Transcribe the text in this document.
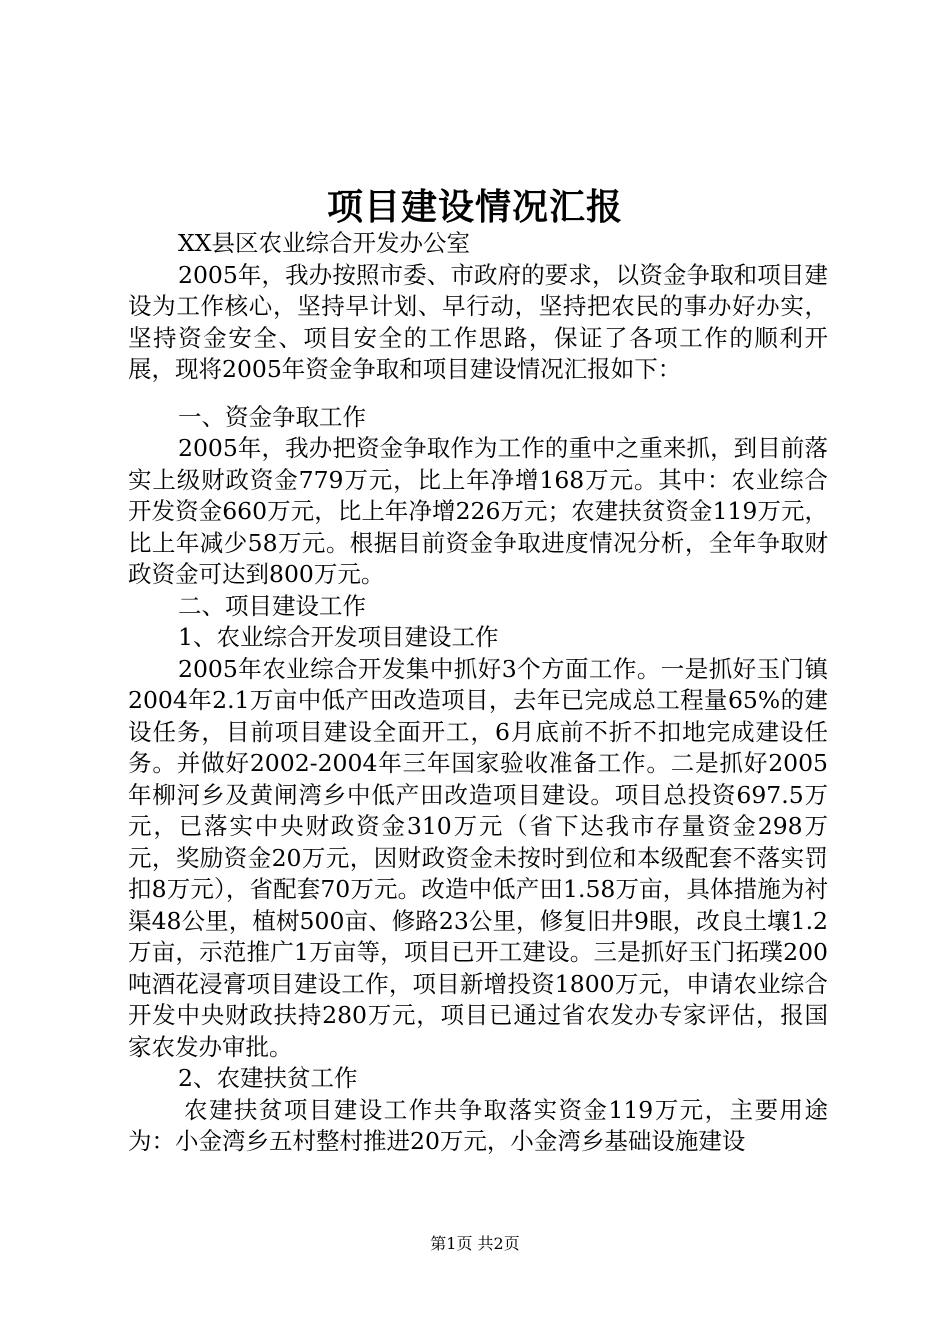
项目建设情况汇报

XX县区农业综合开发办公室

2005年，我办按照市委、市政府的要求，以资金争取和项目建设为工作核心，坚持早计划、早行动，坚持把农民的事办好办实，坚持资金安全、项目安全的工作思路，保证了各项工作的顺利开展，现将2005年资金争取和项目建设情况汇报如下：

一、资金争取工作

2005年，我办把资金争取作为工作的重中之重来抓，到目前落实上级财政资金779万元，比上年净增168万元。其中：农业综合开发资金660万元，比上年净增226万元；农建扶贫资金119万元，比上年减少58万元。根据目前资金争取进度情况分析，全年争取财政资金可达到800万元。

二、项目建设工作

1、农业综合开发项目建设工作

2005年农业综合开发集中抓好3个方面工作。一是抓好玉门镇2004年2.1万亩中低产田改造项目，去年已完成总工程量65%的建设任务，目前项目建设全面开工，6月底前不折不扣地完成建设任务。并做好2002-2004年三年国家验收准备工作。二是抓好2005年柳河乡及黄闸湾乡中低产田改造项目建设。项目总投资697.5万元，已落实中央财政资金310万元（省下达我市存量资金298万元，奖励资金20万元，因财政资金未按时到位和本级配套不落实罚扣8万元），省配套70万元。改造中低产田1.58万亩，具体措施为衬渠48公里，植树500亩、修路23公里，修复旧井9眼，改良土壤1.2万亩，示范推广1万亩等，项目已开工建设。三是抓好玉门拓璞200吨酒花浸膏项目建设工作，项目新增投资1800万元，申请农业综合开发中央财政扶持280万元，项目已通过省农发办专家评估，报国家农发办审批。

2、农建扶贫工作

农建扶贫项目建设工作共争取落实资金119万元，主要用途为：小金湾乡五村整村推进20万元，小金湾乡基础设施建设

第1页 共2页
